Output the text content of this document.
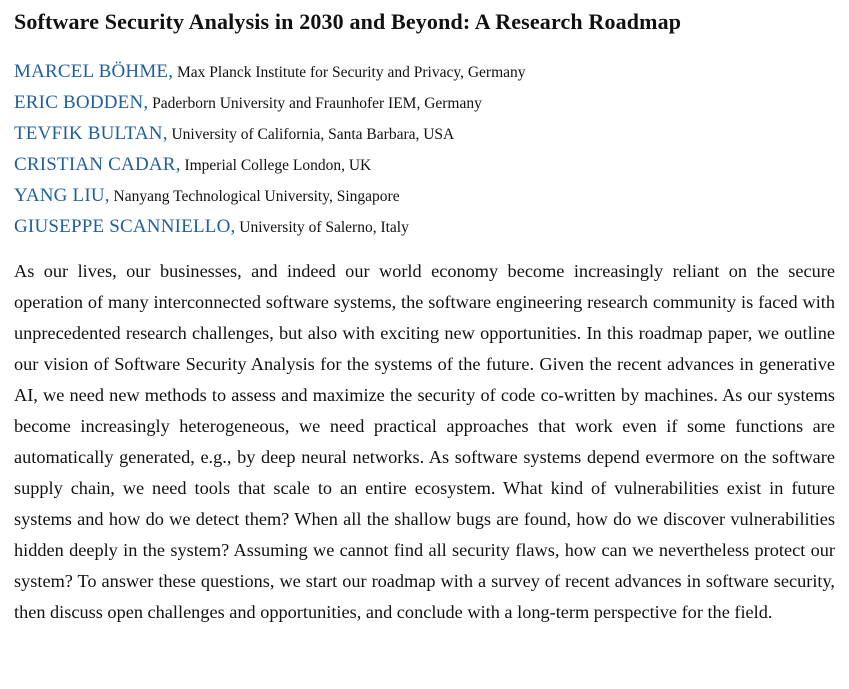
Software Security Analysis in 2030 and Beyond: A Research Roadmap
MARCEL BÖHME, Max Planck Institute for Security and Privacy, Germany
ERIC BODDEN, Paderborn University and Fraunhofer IEM, Germany
TEVFIK BULTAN, University of California, Santa Barbara, USA
CRISTIAN CADAR, Imperial College London, UK
YANG LIU, Nanyang Technological University, Singapore
GIUSEPPE SCANNIELLO, University of Salerno, Italy

As our lives, our businesses, and indeed our world economy become increasingly reliant on the secure operation of many interconnected software systems, the software engineering research community is faced with unprecedented research challenges, but also with exciting new opportunities. In this roadmap paper, we outline our vision of Software Security Analysis for the systems of the future. Given the recent advances in generative AI, we need new methods to assess and maximize the security of code co-written by machines. As our systems become increasingly heterogeneous, we need practical approaches that work even if some functions are automatically generated, e.g., by deep neural networks. As software systems depend evermore on the software supply chain, we need tools that scale to an entire ecosystem. What kind of vulnerabilities exist in future systems and how do we detect them? When all the shallow bugs are found, how do we discover vulnerabilities hidden deeply in the system? Assuming we cannot find all security flaws, how can we nevertheless protect our system? To answer these questions, we start our roadmap with a survey of recent advances in software security, then discuss open challenges and opportunities, and conclude with a long-term perspective for the field.
